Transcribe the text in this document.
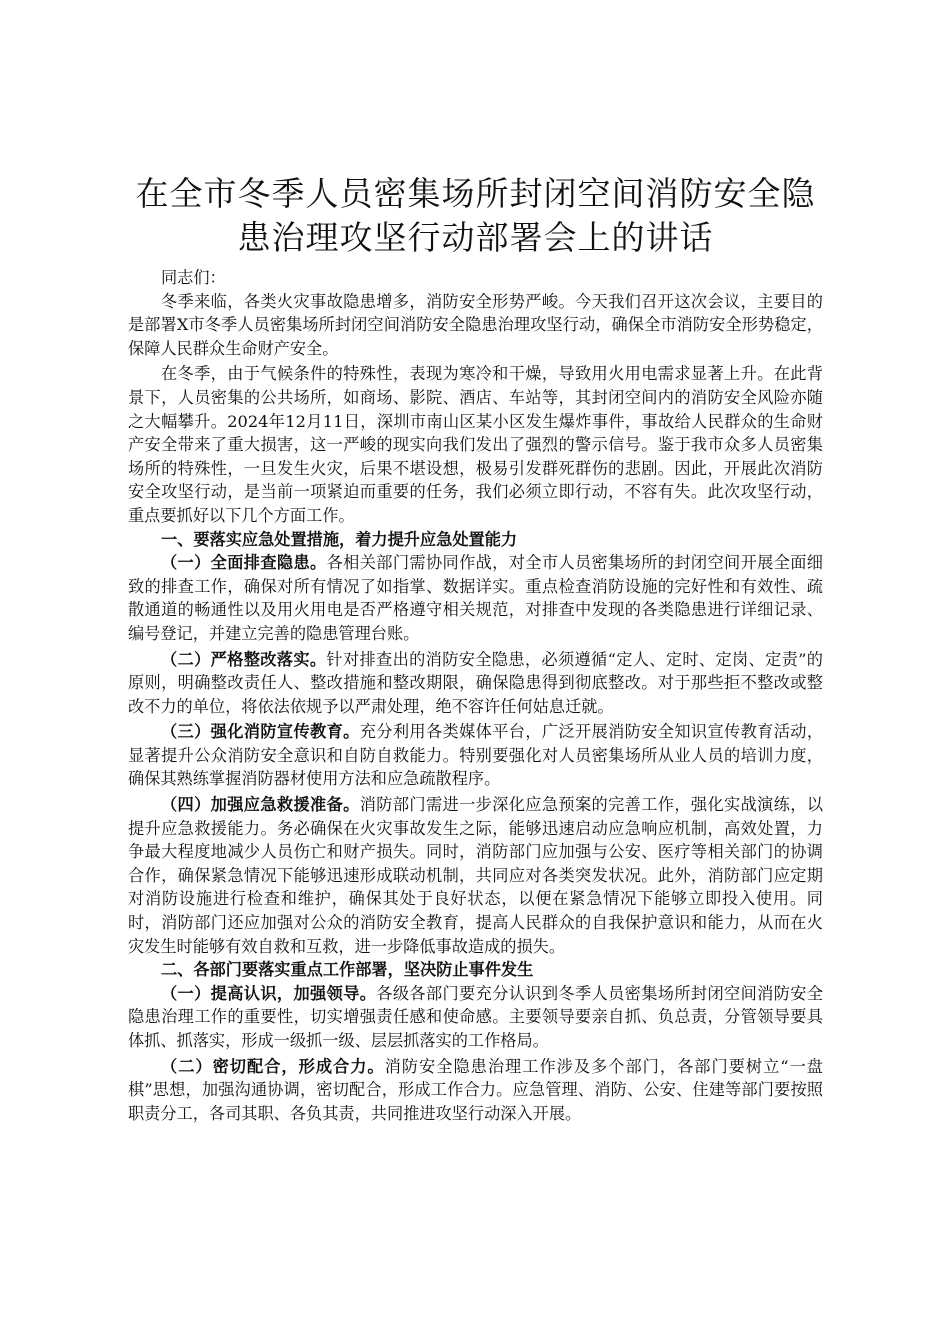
在全市冬季人员密集场所封闭空间消防安全隐患治理攻坚行动部署会上的讲话

同志们：

冬季来临，各类火灾事故隐患增多，消防安全形势严峻。今天我们召开这次会议，主要目的是部署X市冬季人员密集场所封闭空间消防安全隐患治理攻坚行动，确保全市消防安全形势稳定，保障人民群众生命财产安全。

在冬季，由于气候条件的特殊性，表现为寒冷和干燥，导致用火用电需求显著上升。在此背景下，人员密集的公共场所，如商场、影院、酒店、车站等，其封闭空间内的消防安全风险亦随之大幅攀升。2024年12月11日，深圳市南山区某小区发生爆炸事件，事故给人民群众的生命财产安全带来了重大损害，这一严峻的现实向我们发出了强烈的警示信号。鉴于我市众多人员密集场所的特殊性，一旦发生火灾，后果不堪设想，极易引发群死群伤的悲剧。因此，开展此次消防安全攻坚行动，是当前一项紧迫而重要的任务，我们必须立即行动，不容有失。此次攻坚行动，重点要抓好以下几个方面工作。

一、要落实应急处置措施，着力提升应急处置能力

（一）全面排查隐患。各相关部门需协同作战，对全市人员密集场所的封闭空间开展全面细致的排查工作，确保对所有情况了如指掌、数据详实。重点检查消防设施的完好性和有效性、疏散通道的畅通性以及用火用电是否严格遵守相关规范，对排查中发现的各类隐患进行详细记录、编号登记，并建立完善的隐患管理台账。

（二）严格整改落实。针对排查出的消防安全隐患，必须遵循“定人、定时、定岗、定责”的原则，明确整改责任人、整改措施和整改期限，确保隐患得到彻底整改。对于那些拒不整改或整改不力的单位，将依法依规予以严肃处理，绝不容许任何姑息迁就。

（三）强化消防宣传教育。充分利用各类媒体平台，广泛开展消防安全知识宣传教育活动，显著提升公众消防安全意识和自防自救能力。特别要强化对人员密集场所从业人员的培训力度，确保其熟练掌握消防器材使用方法和应急疏散程序。

（四）加强应急救援准备。消防部门需进一步深化应急预案的完善工作，强化实战演练，以提升应急救援能力。务必确保在火灾事故发生之际，能够迅速启动应急响应机制，高效处置，力争最大程度地减少人员伤亡和财产损失。同时，消防部门应加强与公安、医疗等相关部门的协调合作，确保紧急情况下能够迅速形成联动机制，共同应对各类突发状况。此外，消防部门应定期对消防设施进行检查和维护，确保其处于良好状态，以便在紧急情况下能够立即投入使用。同时，消防部门还应加强对公众的消防安全教育，提高人民群众的自我保护意识和能力，从而在火灾发生时能够有效自救和互救，进一步降低事故造成的损失。

二、各部门要落实重点工作部署，坚决防止事件发生

（一）提高认识，加强领导。各级各部门要充分认识到冬季人员密集场所封闭空间消防安全隐患治理工作的重要性，切实增强责任感和使命感。主要领导要亲自抓、负总责，分管领导要具体抓、抓落实，形成一级抓一级、层层抓落实的工作格局。

（二）密切配合，形成合力。消防安全隐患治理工作涉及多个部门，各部门要树立“一盘棋”思想，加强沟通协调，密切配合，形成工作合力。应急管理、消防、公安、住建等部门要按照职责分工，各司其职、各负其责，共同推进攻坚行动深入开展。
